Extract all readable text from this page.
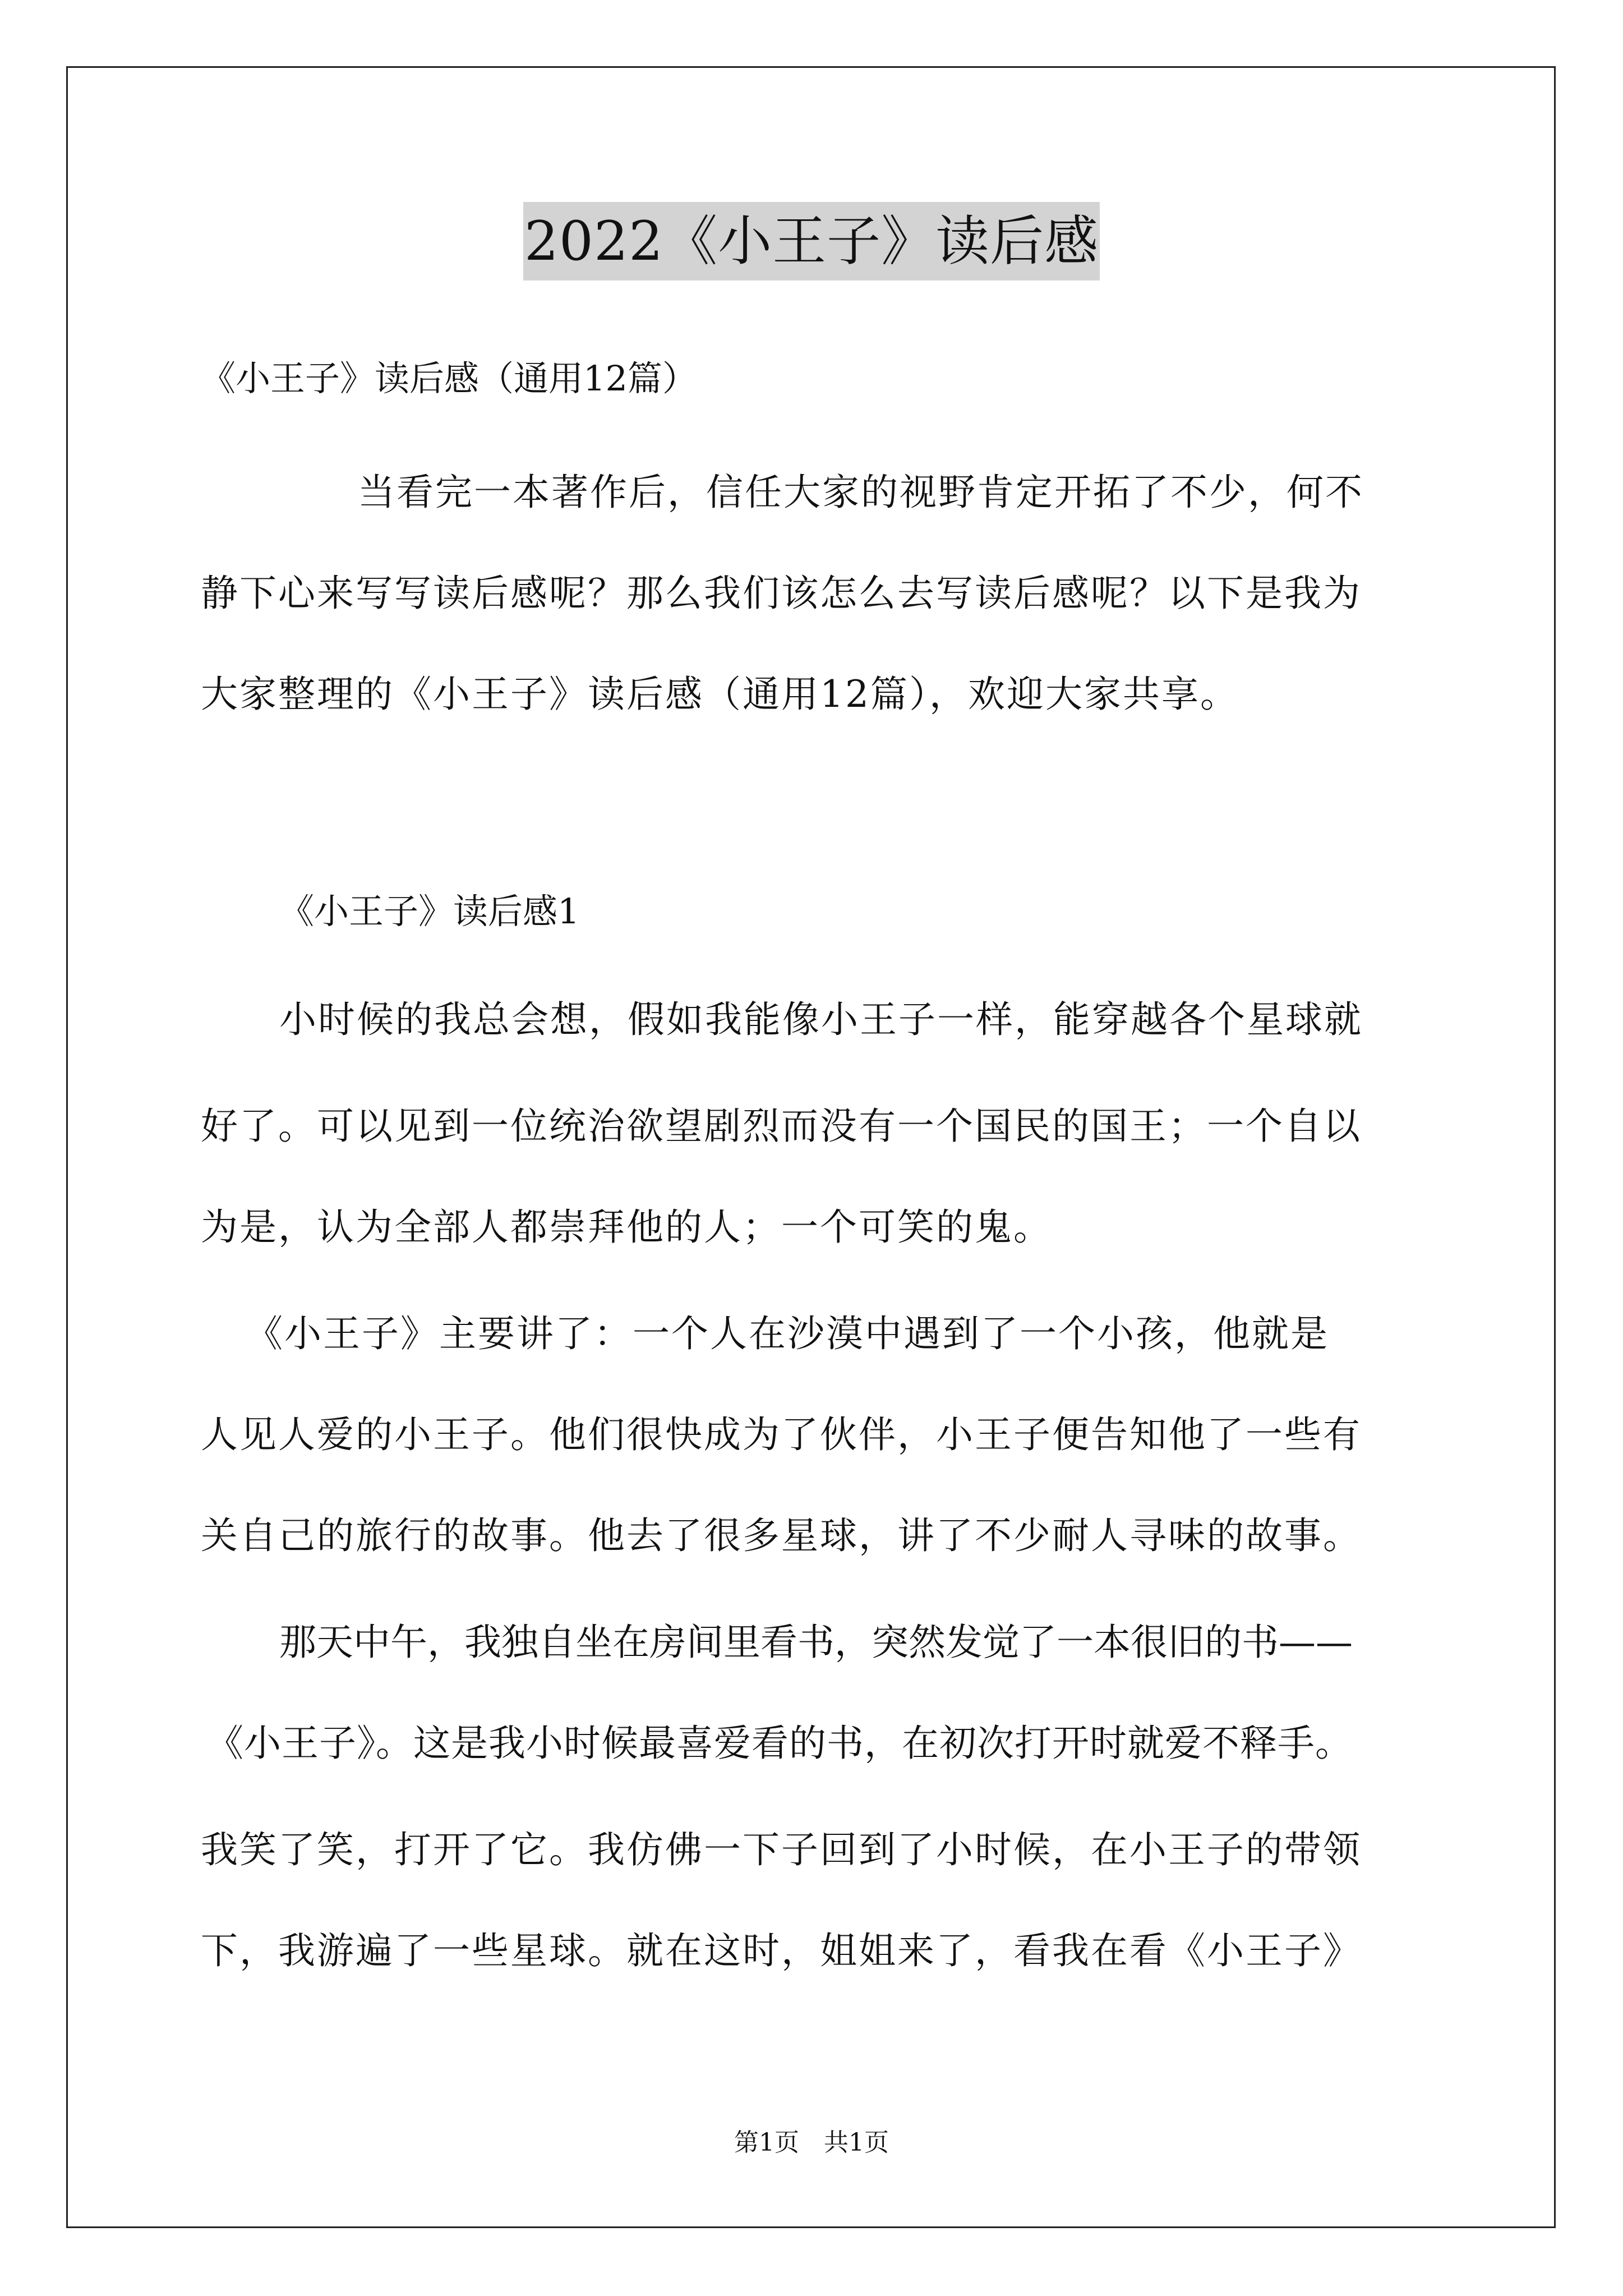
2022《小王子》读后感
《小王子》读后感（通用12篇）
当看完一本著作后，信任大家的视野肯定开拓了不少，何不
静下心来写写读后感呢？那么我们该怎么去写读后感呢？以下是我为
大家整理的《小王子》读后感（通用12篇），欢迎大家共享。
《小王子》读后感1
小时候的我总会想，假如我能像小王子一样，能穿越各个星球就
好了。可以见到一位统治欲望剧烈而没有一个国民的国王；一个自以
为是，认为全部人都崇拜他的人；一个可笑的鬼。
《小王子》主要讲了：一个人在沙漠中遇到了一个小孩，他就是
人见人爱的小王子。他们很快成为了伙伴，小王子便告知他了一些有
关自己的旅行的故事。他去了很多星球，讲了不少耐人寻味的故事。
那天中午，我独自坐在房间里看书，突然发觉了一本很旧的书——
《小王子》。这是我小时候最喜爱看的书，在初次打开时就爱不释手。
我笑了笑，打开了它。我仿佛一下子回到了小时候，在小王子的带领
下，我游遍了一些星球。就在这时，姐姐来了，看我在看《小王子》
第1页　共1页
